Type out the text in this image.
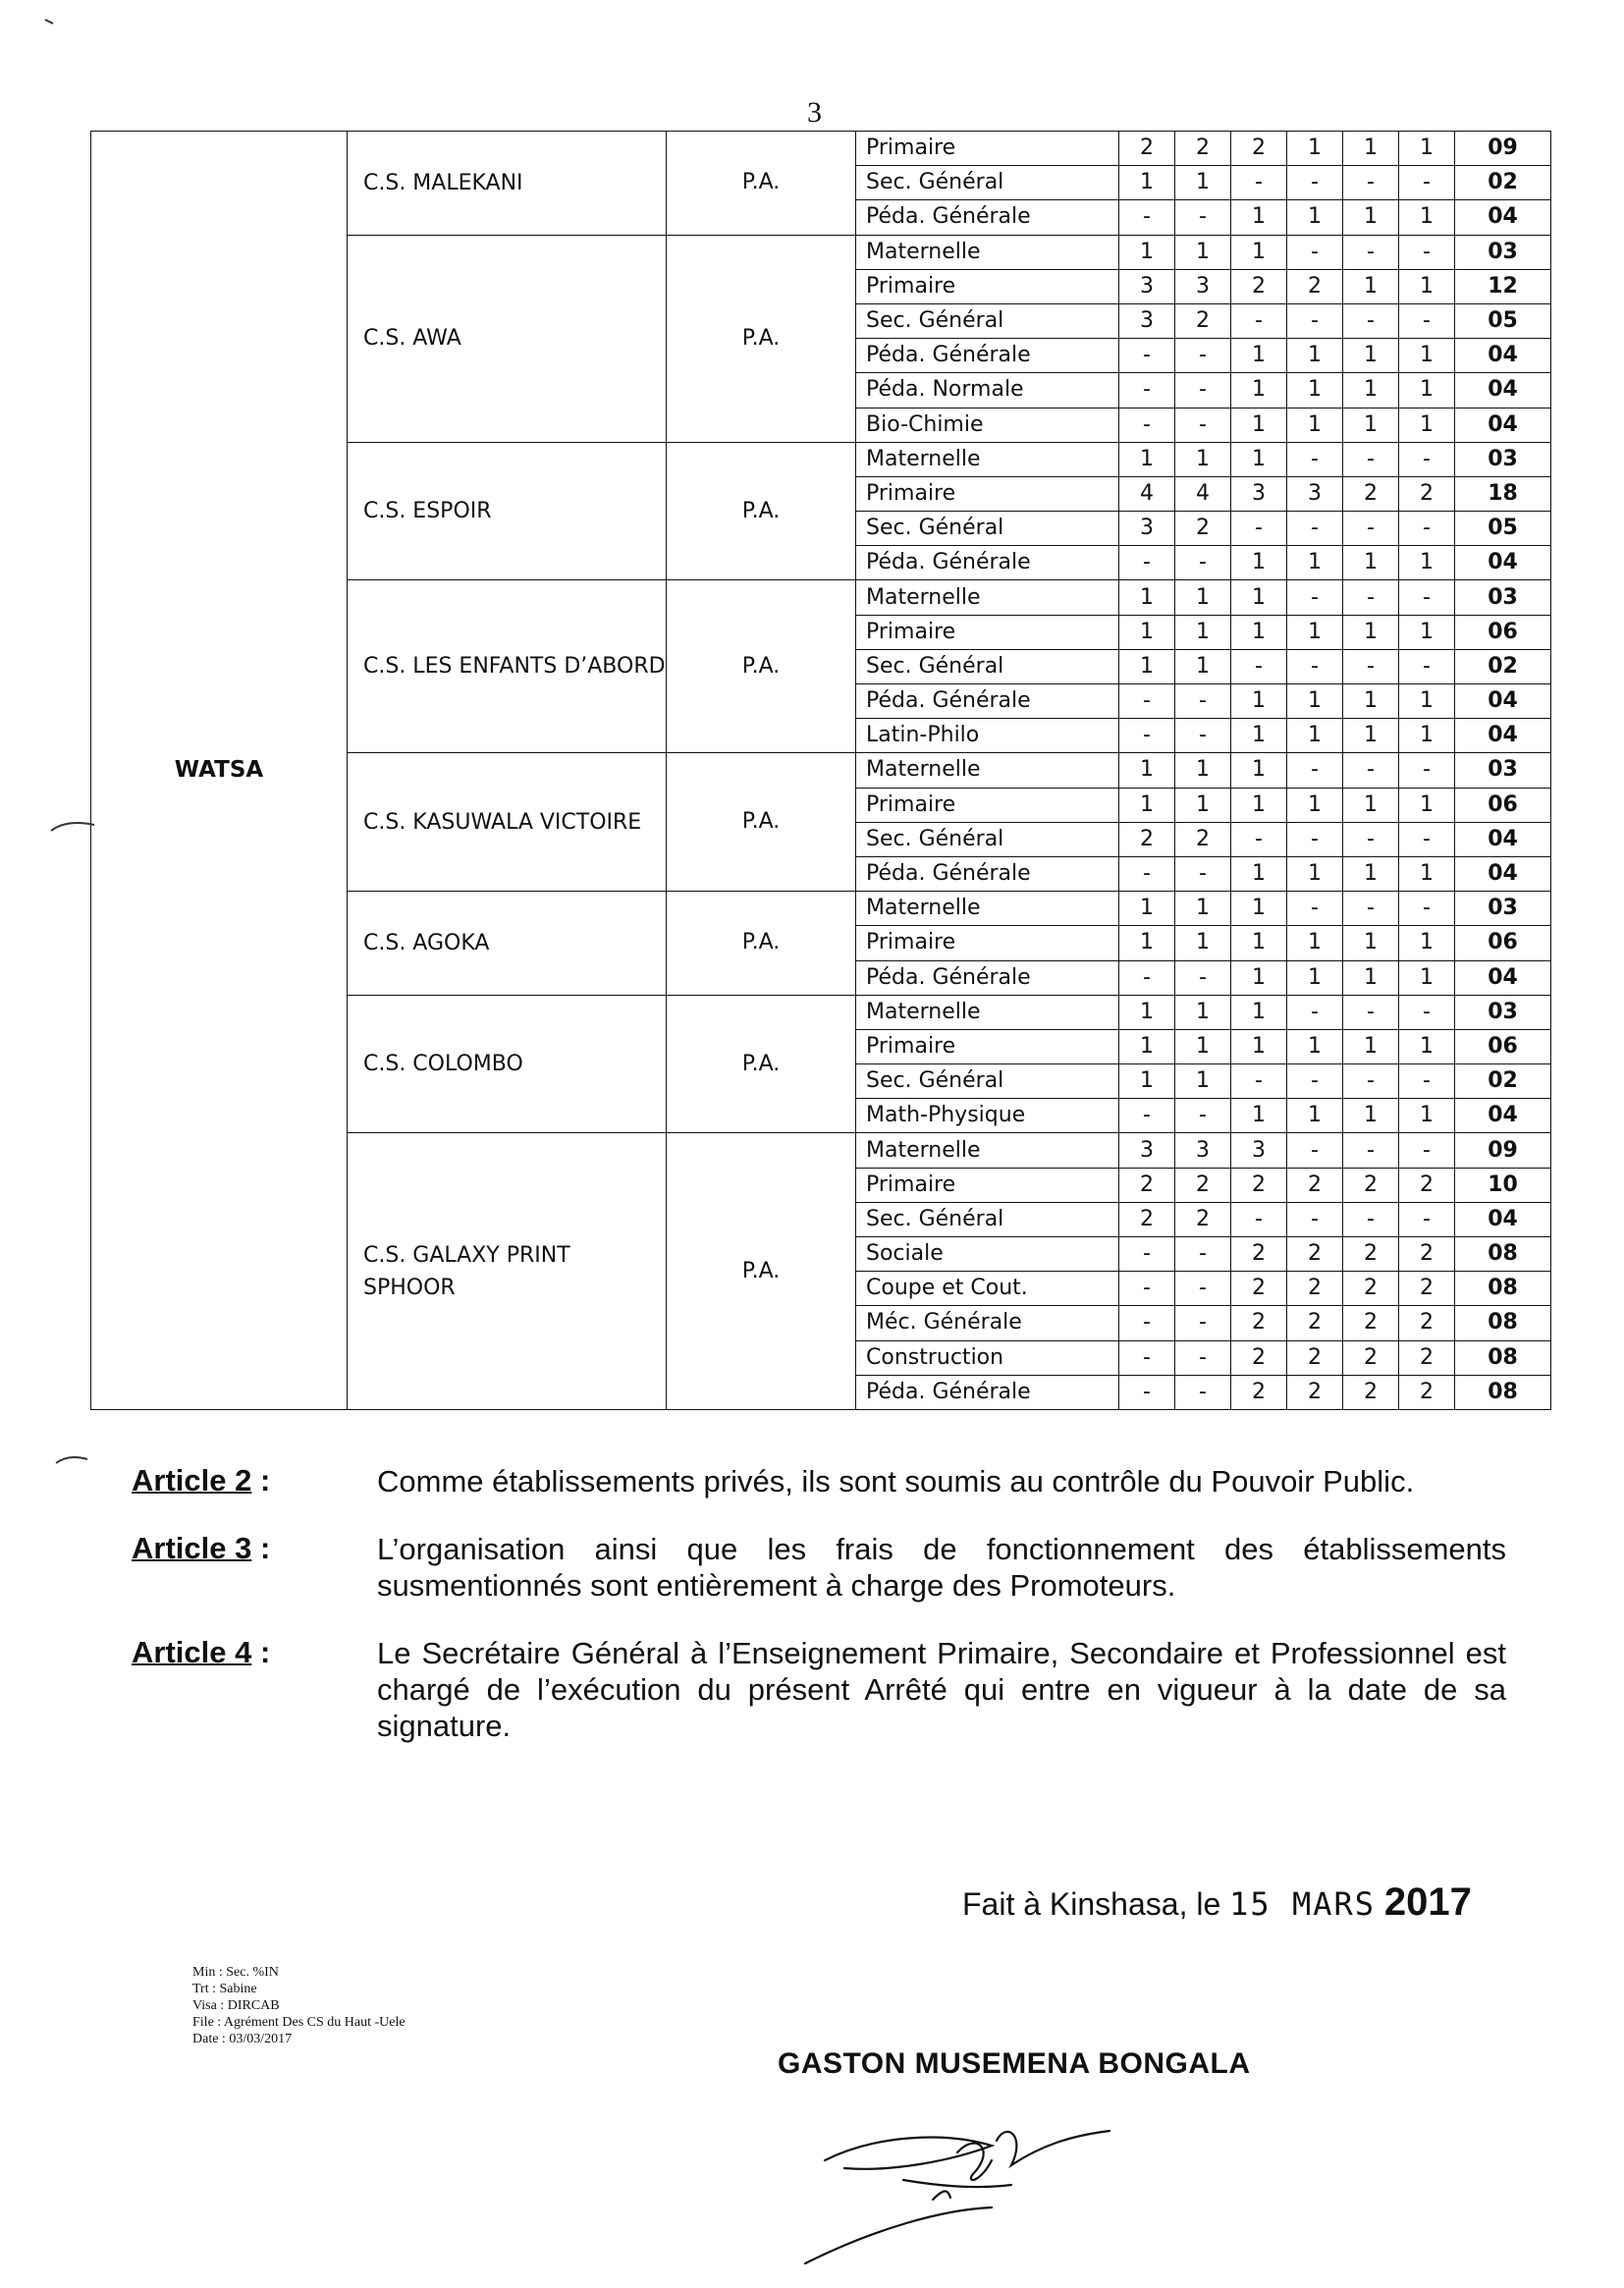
3
WATSA	C.S. MALEKANI	P.A.	Primaire	2	2	2	1	1	1	09
			Sec. Général	1	1	-	-	-	-	02
			Péda. Générale	-	-	1	1	1	1	04
	C.S. AWA	P.A.	Maternelle	1	1	1	-	-	-	03
			Primaire	3	3	2	2	1	1	12
			Sec. Général	3	2	-	-	-	-	05
			Péda. Générale	-	-	1	1	1	1	04
			Péda. Normale	-	-	1	1	1	1	04
			Bio-Chimie	-	-	1	1	1	1	04
	C.S. ESPOIR	P.A.	Maternelle	1	1	1	-	-	-	03
			Primaire	4	4	3	3	2	2	18
			Sec. Général	3	2	-	-	-	-	05
			Péda. Générale	-	-	1	1	1	1	04
	C.S. LES ENFANTS D’ABORD	P.A.	Maternelle	1	1	1	-	-	-	03
			Primaire	1	1	1	1	1	1	06
			Sec. Général	1	1	-	-	-	-	02
			Péda. Générale	-	-	1	1	1	1	04
			Latin-Philo	-	-	1	1	1	1	04
	C.S. KASUWALA VICTOIRE	P.A.	Maternelle	1	1	1	-	-	-	03
			Primaire	1	1	1	1	1	1	06
			Sec. Général	2	2	-	-	-	-	04
			Péda. Générale	-	-	1	1	1	1	04
	C.S. AGOKA	P.A.	Maternelle	1	1	1	-	-	-	03
			Primaire	1	1	1	1	1	1	06
			Péda. Générale	-	-	1	1	1	1	04
	C.S. COLOMBO	P.A.	Maternelle	1	1	1	-	-	-	03
			Primaire	1	1	1	1	1	1	06
			Sec. Général	1	1	-	-	-	-	02
			Math-Physique	-	-	1	1	1	1	04
	C.S. GALAXY PRINT SPHOOR	P.A.	Maternelle	3	3	3	-	-	-	09
			Primaire	2	2	2	2	2	2	10
			Sec. Général	2	2	-	-	-	-	04
			Sociale	-	-	2	2	2	2	08
			Coupe et Cout.	-	-	2	2	2	2	08
			Méc. Générale	-	-	2	2	2	2	08
			Construction	-	-	2	2	2	2	08
			Péda. Générale	-	-	2	2	2	2	08
Article 2 :	Comme établissements privés, ils sont soumis au contrôle du Pouvoir Public.
Article 3 :	L’organisation ainsi que les frais de fonctionnement des établissements susmentionnés sont entièrement à charge des Promoteurs.
Article 4 :	Le Secrétaire Général à l’Enseignement Primaire, Secondaire et Professionnel est chargé de l’exécution du présent Arrêté qui entre en vigueur à la date de sa signature.
Fait à Kinshasa, le 15 MARS 2017
Min : Sec. %IN
Trt : Sabine
Visa : DIRCAB
File : Agrément Des CS du Haut -Uele
Date : 03/03/2017
GASTON MUSEMENA BONGALA
